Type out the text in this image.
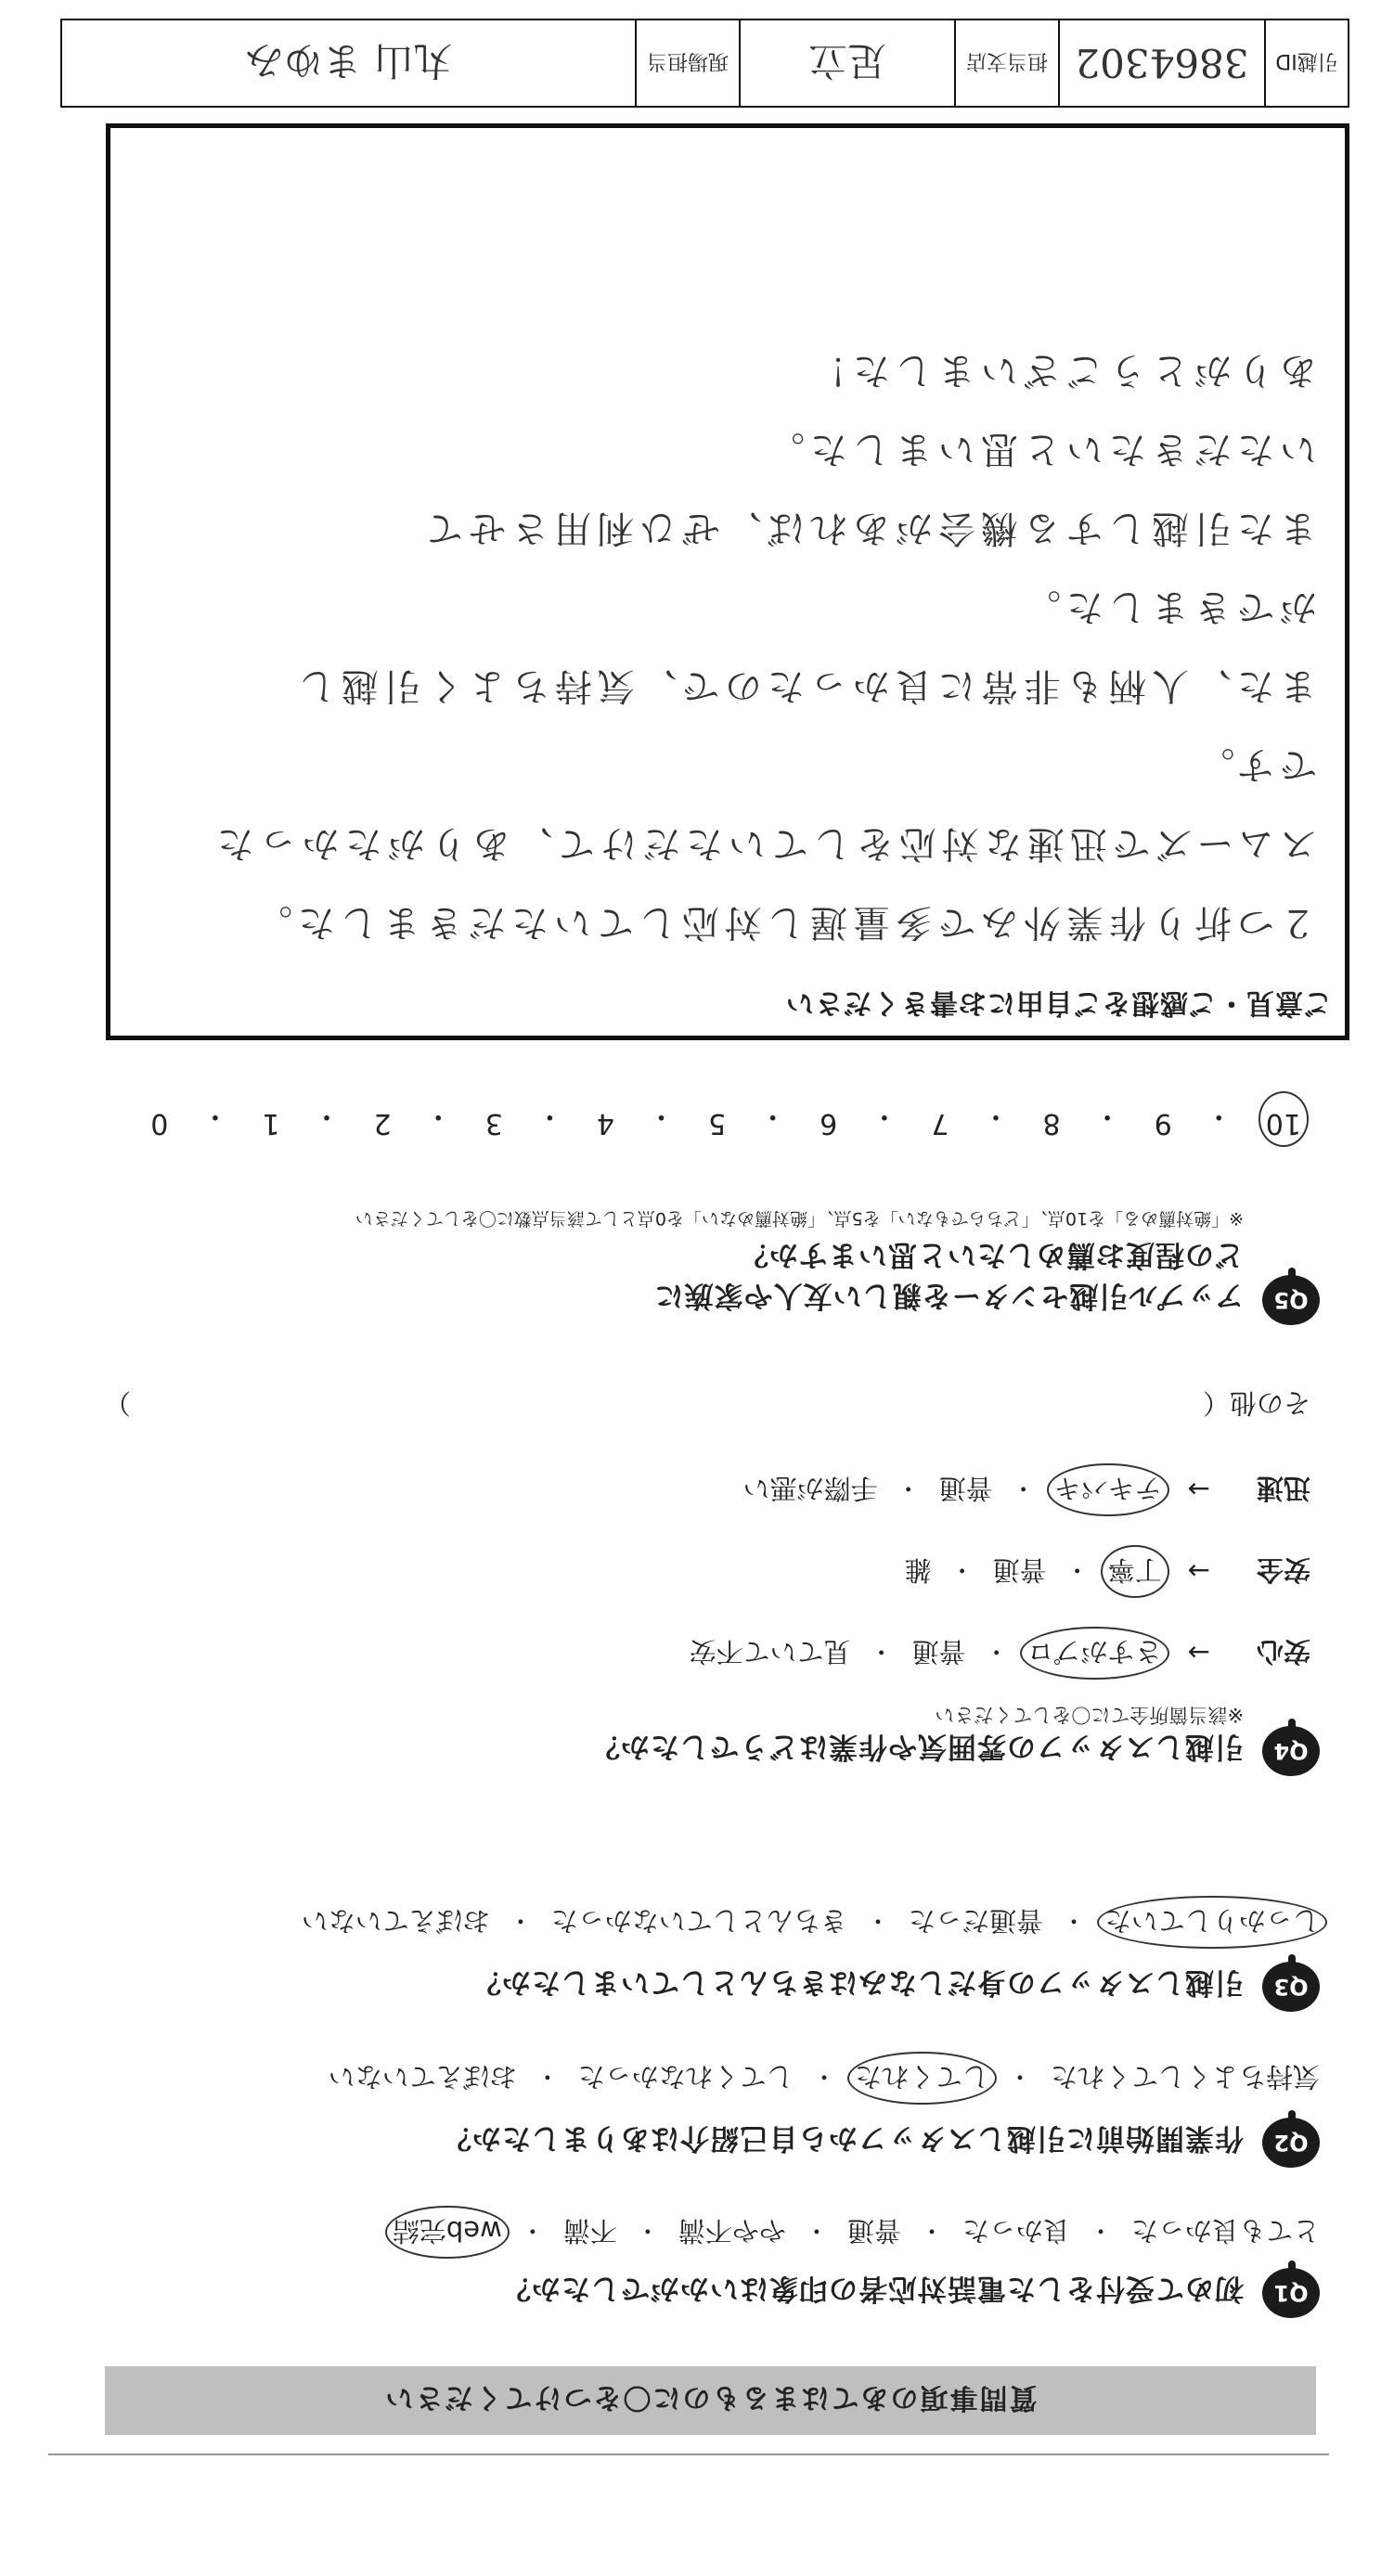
質問事項のあてはまるものに〇をつけてください
Q1
初めて受付をした電話対応者の印象はいかがでしたか？
とても良かった
・
良かった
・
普通
・
やや不満
・
不満
・
web完結
Q2
作業開始前に引越しスタッフから自己紹介はありましたか？
気持ちよくしてくれた
・
してくれた
・
してくれなかった
・
おぼえていない
Q3
引越しスタッフの身だしなみはきちんとしていましたか？
しっかりしていた
・
普通だった
・
きちんとしていなかった
・
おぼえていない
Q4
引越しスタッフの雰囲気や作業はどうでしたか？
※該当箇所全てに〇をしてください
安心
→
さすがプロ
・
普通
・
見ていて不安
安全
→
丁寧
・
普通
・
雑
迅速
→
テキパキ
・
普通
・
手際が悪い
その他（
）
Q5
アップル引越センターを親しい友人や家族に
どの程度お薦めしたいと思いますか？
※「絶対薦める」を10点、「どちらでもない」を5点、「絶対薦めない」を0点として該当点数に〇をしてください
10
・
9
・
8
・
7
・
6
・
5
・
4
・
3
・
2
・
1
・
0
ご意見・ご感想をご自由にお書きください
２つ折り作業外みで多量遅し対応していただきました。
スムーズで迅速な対応をしていただけて、ありがたかった
です。
また、人柄も非常に良かったので、気持ちよく引越し
ができました。
また引越しする機会があれば、ぜひ利用させて
いただきたいと思いました。
ありがとうございました！
引越ID
3864302
担当支店
足立
現場担当
丸山 まゆみ
